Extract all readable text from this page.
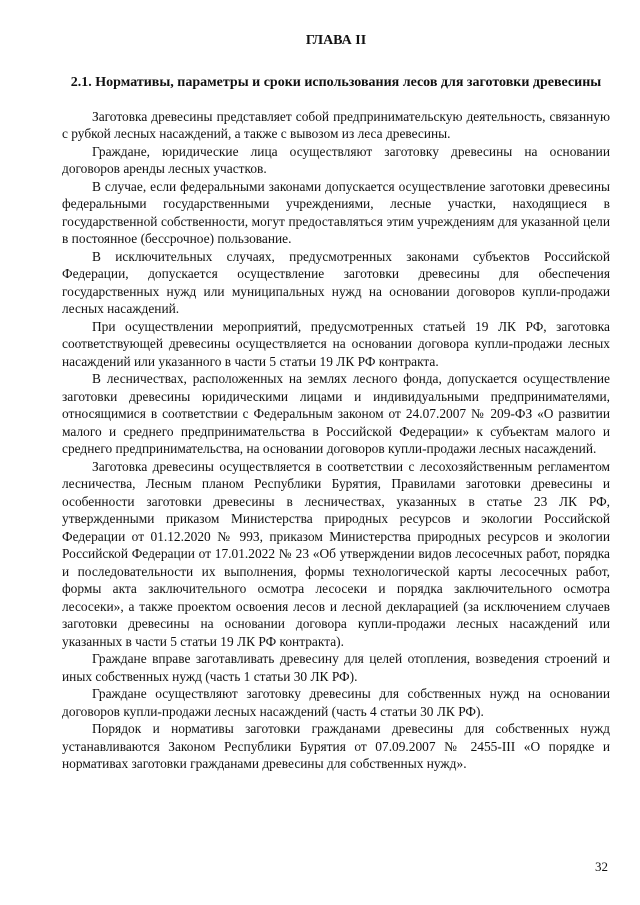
ГЛАВА II
2.1. Нормативы, параметры и сроки использования лесов для заготовки древесины

Заготовка древесины представляет собой предпринимательскую деятельность, связанную с рубкой лесных насаждений, а также с вывозом из леса древесины.

Граждане, юридические лица осуществляют заготовку древесины на основании договоров аренды лесных участков.

В случае, если федеральными законами допускается осуществление заготовки древесины федеральными государственными учреждениями, лесные участки, находящиеся в государственной собственности, могут предоставляться этим учреждениям для указанной цели в постоянное (бессрочное) пользование.

В исключительных случаях, предусмотренных законами субъектов Российской Федерации, допускается осуществление заготовки древесины для обеспечения государственных нужд или муниципальных нужд на основании договоров купли-продажи лесных насаждений.

При осуществлении мероприятий, предусмотренных статьей 19 ЛК РФ, заготовка соответствующей древесины осуществляется на основании договора купли-продажи лесных насаждений или указанного в части 5 статьи 19 ЛК РФ контракта.

В лесничествах, расположенных на землях лесного фонда, допускается осуществление заготовки древесины юридическими лицами и индивидуальными предпринимателями, относящимися в соответствии с Федеральным законом от 24.07.2007 № 209-ФЗ «О развитии малого и среднего предпринимательства в Российской Федерации» к субъектам малого и среднего предпринимательства, на основании договоров купли-продажи лесных насаждений.

Заготовка древесины осуществляется в соответствии с лесохозяйственным регламентом лесничества, Лесным планом Республики Бурятия, Правилами заготовки древесины и особенности заготовки древесины в лесничествах, указанных в статье 23 ЛК РФ, утвержденными приказом Министерства природных ресурсов и экологии Российской Федерации от 01.12.2020 № 993, приказом Министерства природных ресурсов и экологии Российской Федерации от 17.01.2022 № 23 «Об утверждении видов лесосечных работ, порядка и последовательности их выполнения, формы технологической карты лесосечных работ, формы акта заключительного осмотра лесосеки и порядка заключительного осмотра лесосеки», а также проектом освоения лесов и лесной декларацией (за исключением случаев заготовки древесины на основании договора купли-продажи лесных насаждений или указанных в части 5 статьи 19 ЛК РФ контракта).

Граждане вправе заготавливать древесину для целей отопления, возведения строений и иных собственных нужд (часть 1 статьи 30 ЛК РФ).

Граждане осуществляют заготовку древесины для собственных нужд на основании договоров купли-продажи лесных насаждений (часть 4 статьи 30 ЛК РФ).

Порядок и нормативы заготовки гражданами древесины для собственных нужд устанавливаются Законом Республики Бурятия от 07.09.2007 № 2455-III «О порядке и нормативах заготовки гражданами древесины для собственных нужд».

32
